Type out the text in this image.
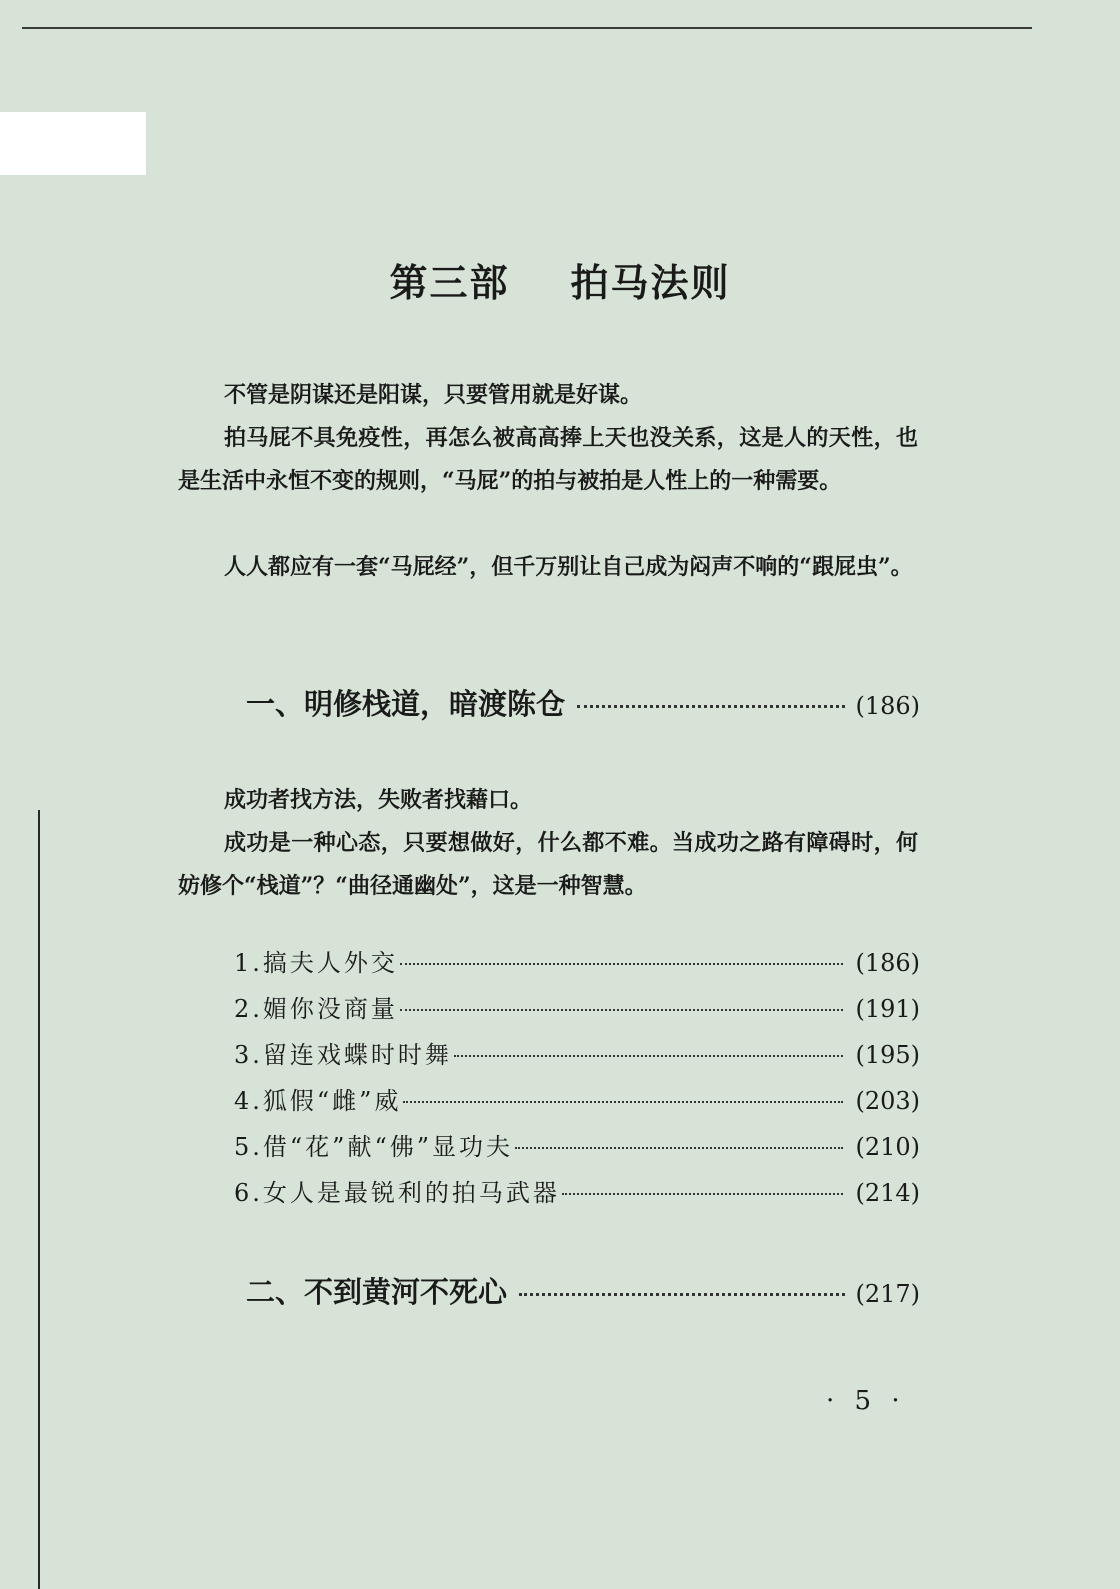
第三部    拍马法则

不管是阴谋还是阳谋，只要管用就是好谋。

拍马屁不具免疫性，再怎么被高高捧上天也没关系，这是人的天性，也是生活中永恒不变的规则，“马屁”的拍与被拍是人性上的一种需要。

人人都应有一套“马屁经”，但千万别让自己成为闷声不响的“跟屁虫”。

一、明修栈道，暗渡陈仓	(186)

成功者找方法，失败者找藉口。

成功是一种心态，只要想做好，什么都不难。当成功之路有障碍时，何妨修个“栈道”？“曲径通幽处”，这是一种智慧。

1. 搞夫人外交	(186)
2. 媚你没商量	(191)
3. 留连戏蝶时时舞	(195)
4. 狐假“雌”威	(203)
5. 借“花”献“佛”显功夫	(210)
6. 女人是最锐利的拍马武器	(214)
二、不到黄河不死心	(217)
· 5 ·
